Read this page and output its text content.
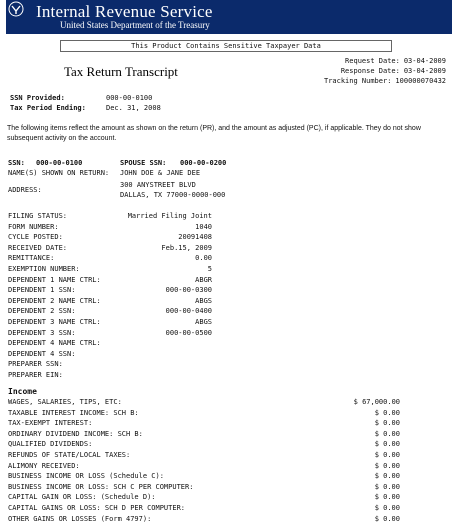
Internal Revenue Service
United States Department of the Treasury
This Product Contains Sensitive Taxpayer Data
Tax Return Transcript
Request Date: 03-04-2009
Response Date: 03-04-2009
Tracking Number: 100000070432
SSN Provided:	000-00-0100
Tax Period Ending:	Dec. 31, 2008
The following items reflect the amount as shown on the return (PR), and the amount as adjusted (PC), if applicable. They do not show subsequent activity on the account.
SSN:	000-00-0100	SPOUSE SSN:	000-00-0200
NAME(S) SHOWN ON RETURN:	JOHN DOE & JANE DEE
ADDRESS:
300 ANYSTREET BLVD
DALLAS, TX 77000-0000-000
FILING STATUS:	Married Filing Joint
FORM NUMBER:	1040
CYCLE POSTED:	20091408
RECEIVED DATE:	Feb.15, 2009
REMITTANCE:	0.00
EXEMPTION NUMBER:	5
DEPENDENT 1 NAME CTRL:	ABGR
DEPENDENT 1 SSN:	000-00-0300
DEPENDENT 2 NAME CTRL:	ABGS
DEPENDENT 2 SSN:	000-00-0400
DEPENDENT 3 NAME CTRL:	ABGS
DEPENDENT 3 SSN:	000-00-0500
DEPENDENT 4 NAME CTRL:
DEPENDENT 4 SSN:
PREPARER SSN:
PREPARER EIN:
Income
WAGES, SALARIES, TIPS, ETC:	$ 67,000.00
TAXABLE INTEREST INCOME: SCH B:	$ 0.00
TAX-EXEMPT INTEREST:	$ 0.00
ORDINARY DIVIDEND INCOME: SCH B:	$ 0.00
QUALIFIED DIVIDENDS:	$ 0.00
REFUNDS OF STATE/LOCAL TAXES:	$ 0.00
ALIMONY RECEIVED:	$ 0.00
BUSINESS INCOME OR LOSS (Schedule C):	$ 0.00
BUSINESS INCOME OR LOSS: SCH C PER COMPUTER:	$ 0.00
CAPITAL GAIN OR LOSS: (Schedule D):	$ 0.00
CAPITAL GAINS OR LOSS: SCH D PER COMPUTER:	$ 0.00
OTHER GAINS OR LOSSES (Form 4797):	$ 0.00
